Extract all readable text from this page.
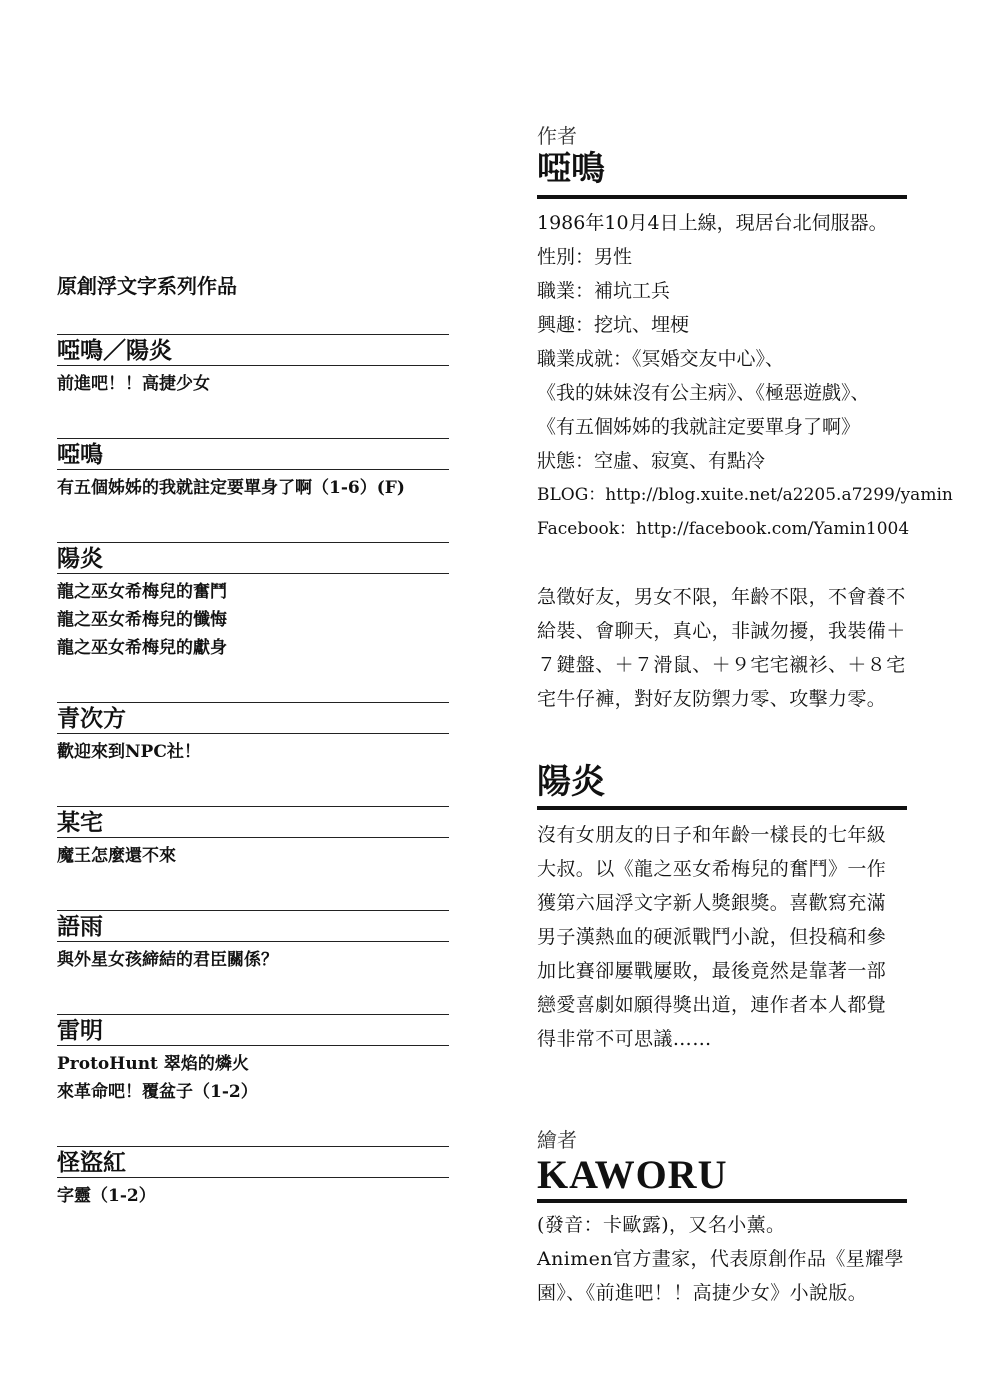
原創浮文字系列作品
啞鳴／陽炎
前進吧！！高捷少女
啞鳴
有五個姊姊的我就註定要單身了啊（1-6）(F)
陽炎
龍之巫女希梅兒的奮鬥
龍之巫女希梅兒的懺悔
龍之巫女希梅兒的獻身
青次方
歡迎來到NPC社！
某宅
魔王怎麼還不來
語雨
與外星女孩締結的君臣關係？
雷明
ProtoHunt 翠焰的燐火
來革命吧！覆盆子（1-2）
怪盜紅
字靈（1-2）
作者
啞鳴
1986年10月4日上線，現居台北伺服器。
性別：男性
職業：補坑工兵
興趣：挖坑、埋梗
職業成就：《冥婚交友中心》、
《我的妹妹沒有公主病》、《極惡遊戲》、
《有五個姊姊的我就註定要單身了啊》
狀態：空虛、寂寞、有點冷
BLOG：http://blog.xuite.net/a2205.a7299/yamin
Facebook：http://facebook.com/Yamin1004
急徵好友，男女不限，年齡不限，不會養不
給裝、會聊天，真心，非誠勿擾，我裝備＋
７鍵盤、＋７滑鼠、＋９宅宅襯衫、＋８宅
宅牛仔褲，對好友防禦力零、攻擊力零。
陽炎
沒有女朋友的日子和年齡一樣長的七年級
大叔。以《龍之巫女希梅兒的奮鬥》一作
獲第六屆浮文字新人獎銀獎。喜歡寫充滿
男子漢熱血的硬派戰鬥小說，但投稿和參
加比賽卻屢戰屢敗，最後竟然是靠著一部
戀愛喜劇如願得獎出道，連作者本人都覺
得非常不可思議……
繪者
KAWORU
(發音：卡歐露)，又名小薰。
Animen官方畫家，代表原創作品《星耀學
園》、《前進吧！！高捷少女》小說版。
